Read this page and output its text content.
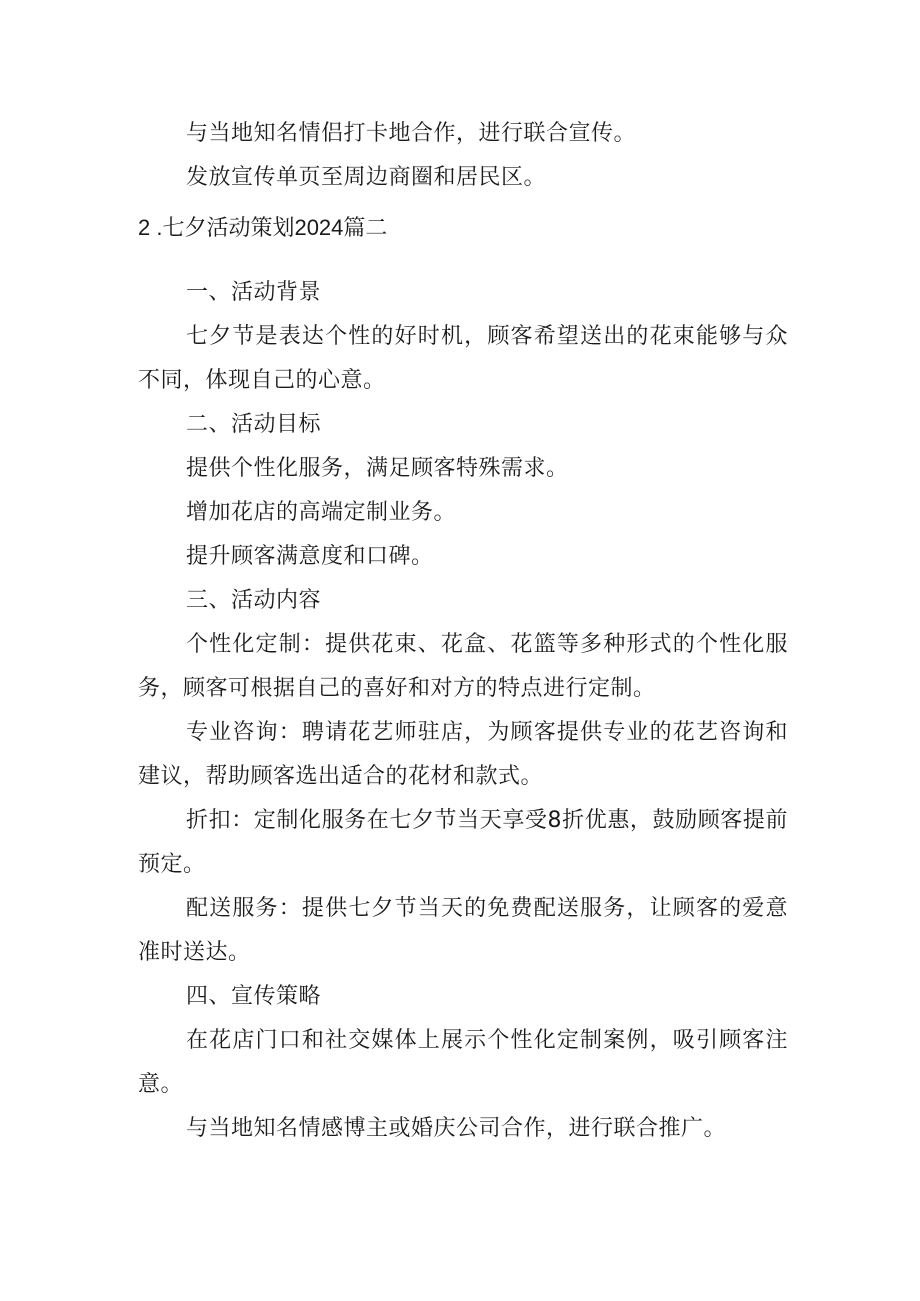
与当地知名情侣打卡地合作，进行联合宣传。

发放宣传单页至周边商圈和居民区。

2 .七夕活动策划2024篇二

一、活动背景

七夕节是表达个性的好时机，顾客希望送出的花束能够与众不同，体现自己的心意。

二、活动目标

提供个性化服务，满足顾客特殊需求。

增加花店的高端定制业务。

提升顾客满意度和口碑。

三、活动内容

个性化定制：提供花束、花盒、花篮等多种形式的个性化服务，顾客可根据自己的喜好和对方的特点进行定制。

专业咨询：聘请花艺师驻店，为顾客提供专业的花艺咨询和建议，帮助顾客选出适合的花材和款式。

折扣：定制化服务在七夕节当天享受8折优惠，鼓励顾客提前预定。

配送服务：提供七夕节当天的免费配送服务，让顾客的爱意准时送达。

四、宣传策略

在花店门口和社交媒体上展示个性化定制案例，吸引顾客注意。

与当地知名情感博主或婚庆公司合作，进行联合推广。
